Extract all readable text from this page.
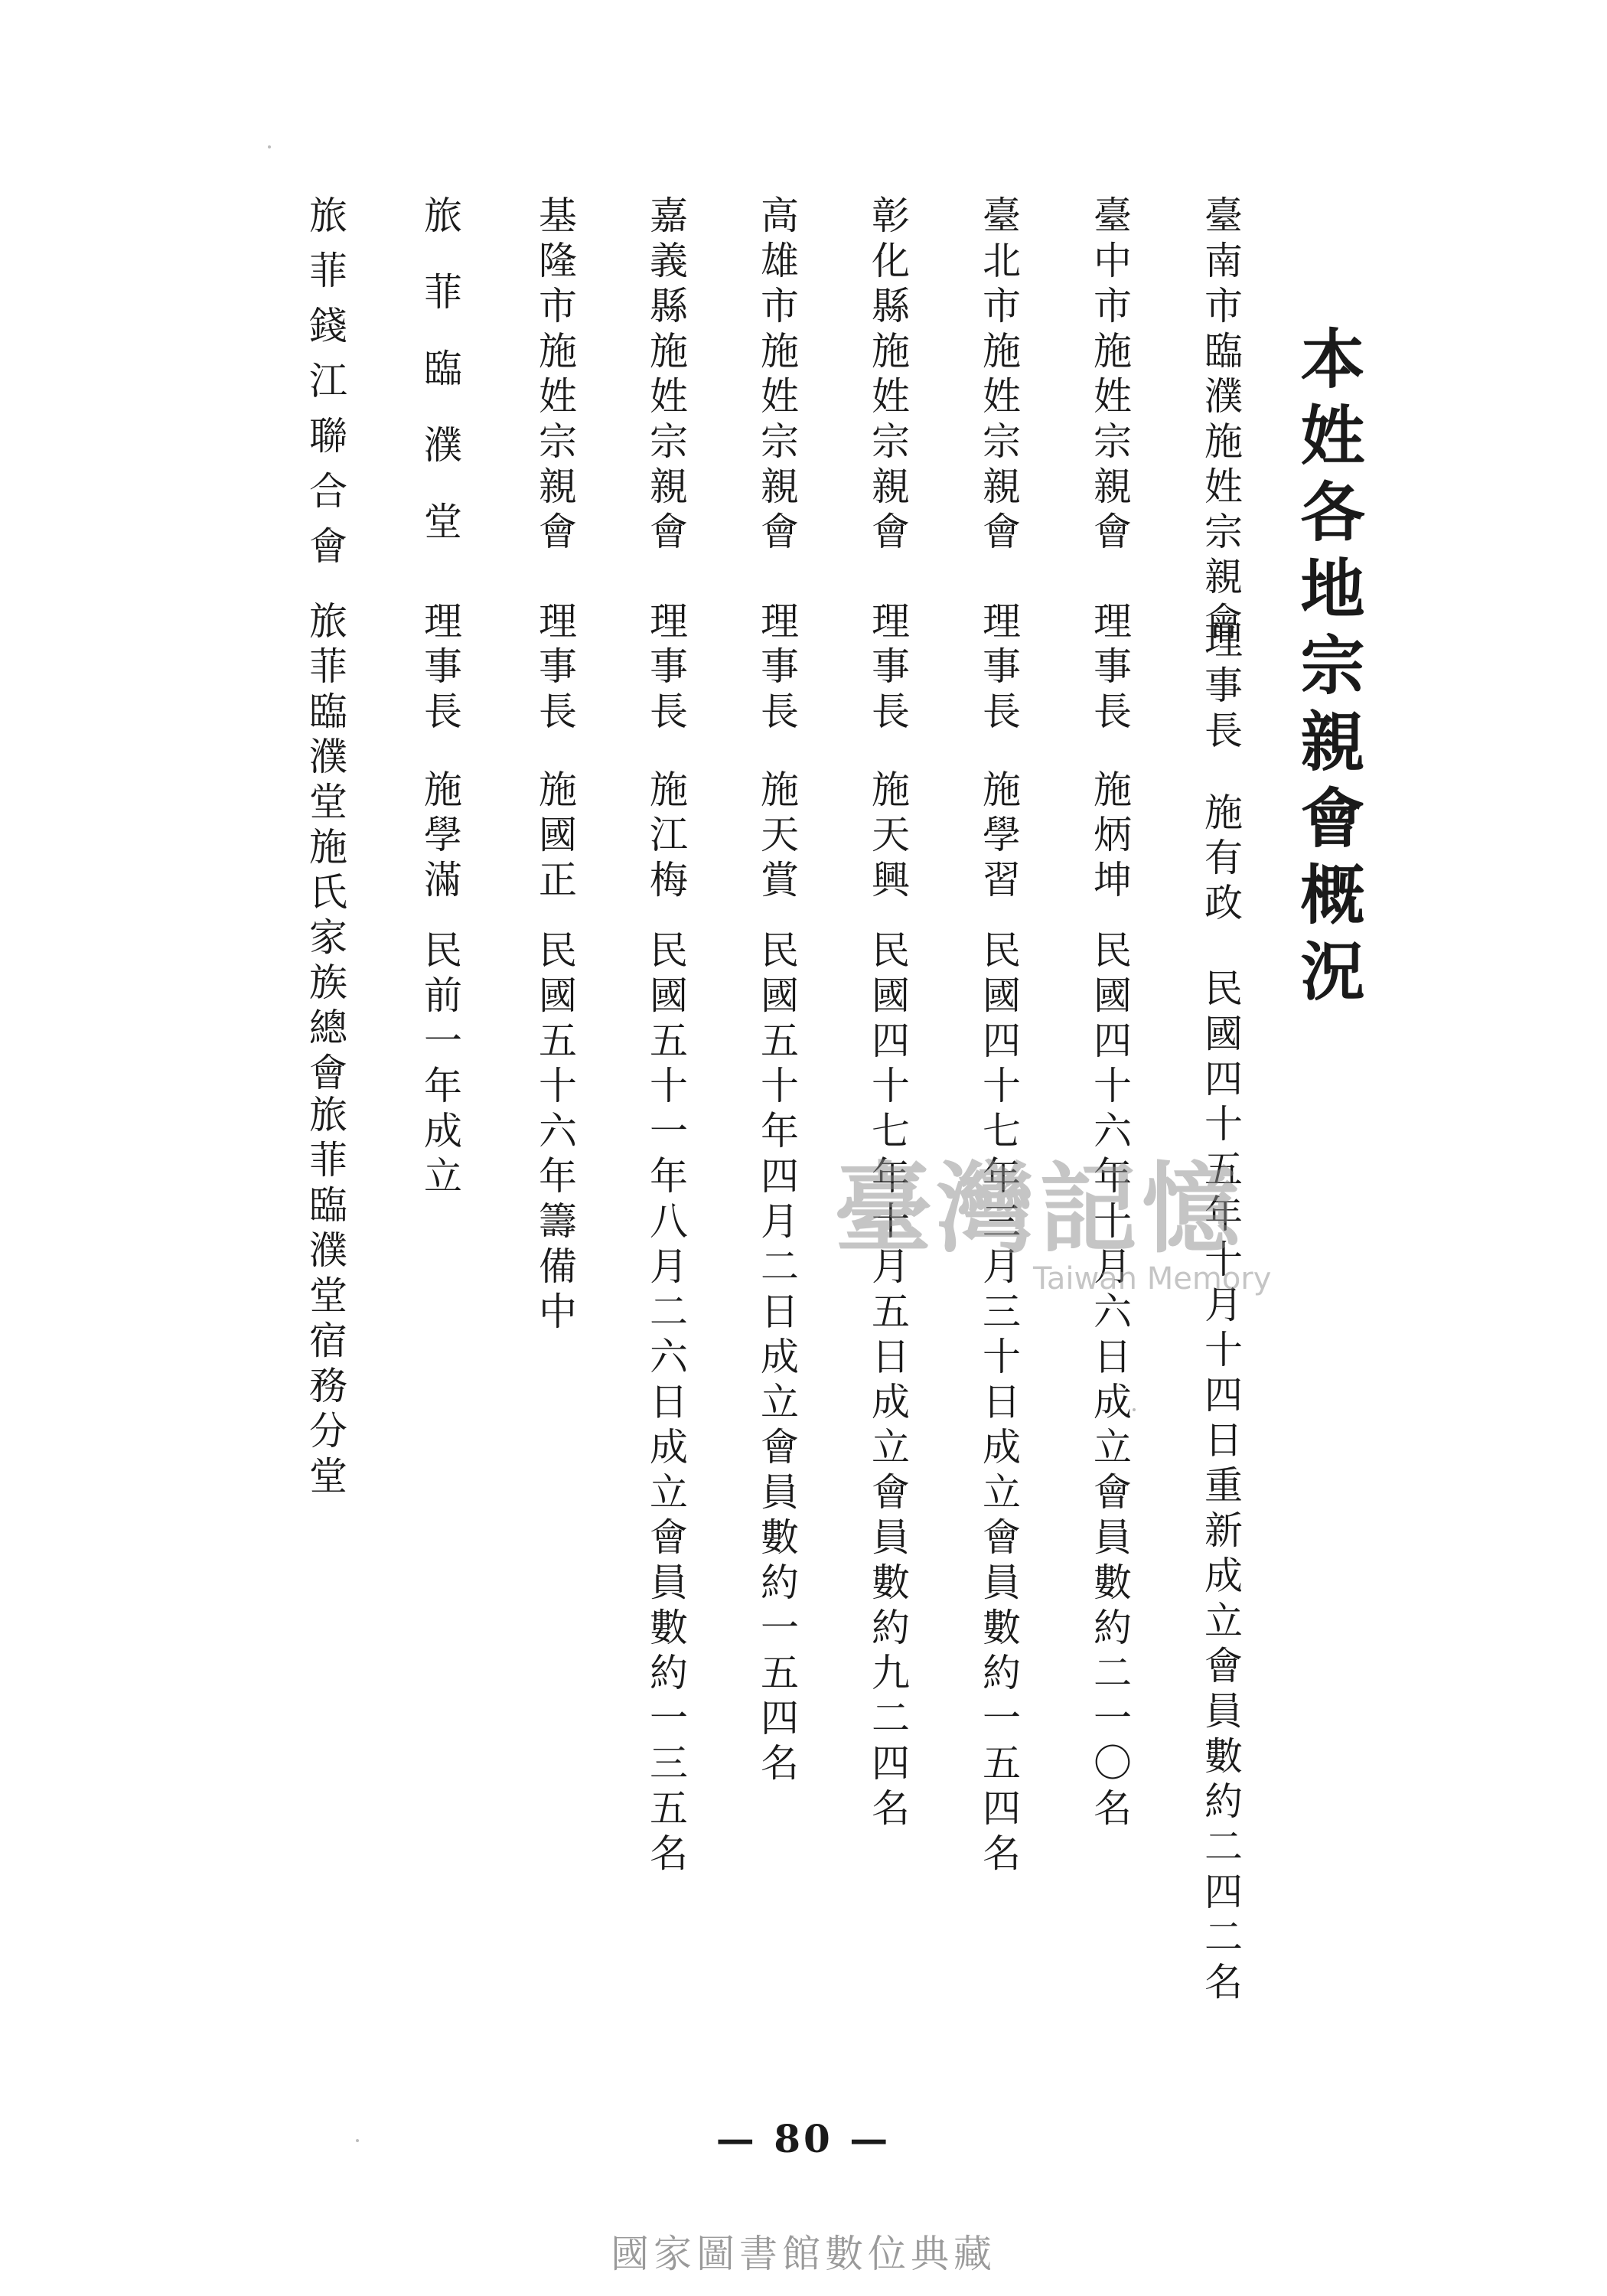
本姓各地宗親會概況
臺南市臨濮施姓宗親會
理事長
施有政
民國四十五年十月十四日重新成立會員數約二四二名
臺中市施姓宗親會
理事長
施炳坤
民國四十六年十月六日成立會員數約二一〇名
臺北市施姓宗親會
理事長
施學習
民國四十七年三月三十日成立會員數約一五四名
彰化縣施姓宗親會
理事長
施天興
民國四十七年十月五日成立會員數約九二四名
高雄市施姓宗親會
理事長
施天賞
民國五十年四月二日成立會員數約一五四名
嘉義縣施姓宗親會
理事長
施江梅
民國五十一年八月二六日成立會員數約一三五名
基隆市施姓宗親會
理事長
施國正
民國五十六年籌備中
旅菲臨濮堂
理事長
施學滿
民前一年成立
旅菲錢江聯合會
旅菲臨濮堂施氏家族總會
旅菲臨濮堂宿務分堂	臺灣記憶
Taiwan Memory
— 80 —
國家圖書館數位典藏
